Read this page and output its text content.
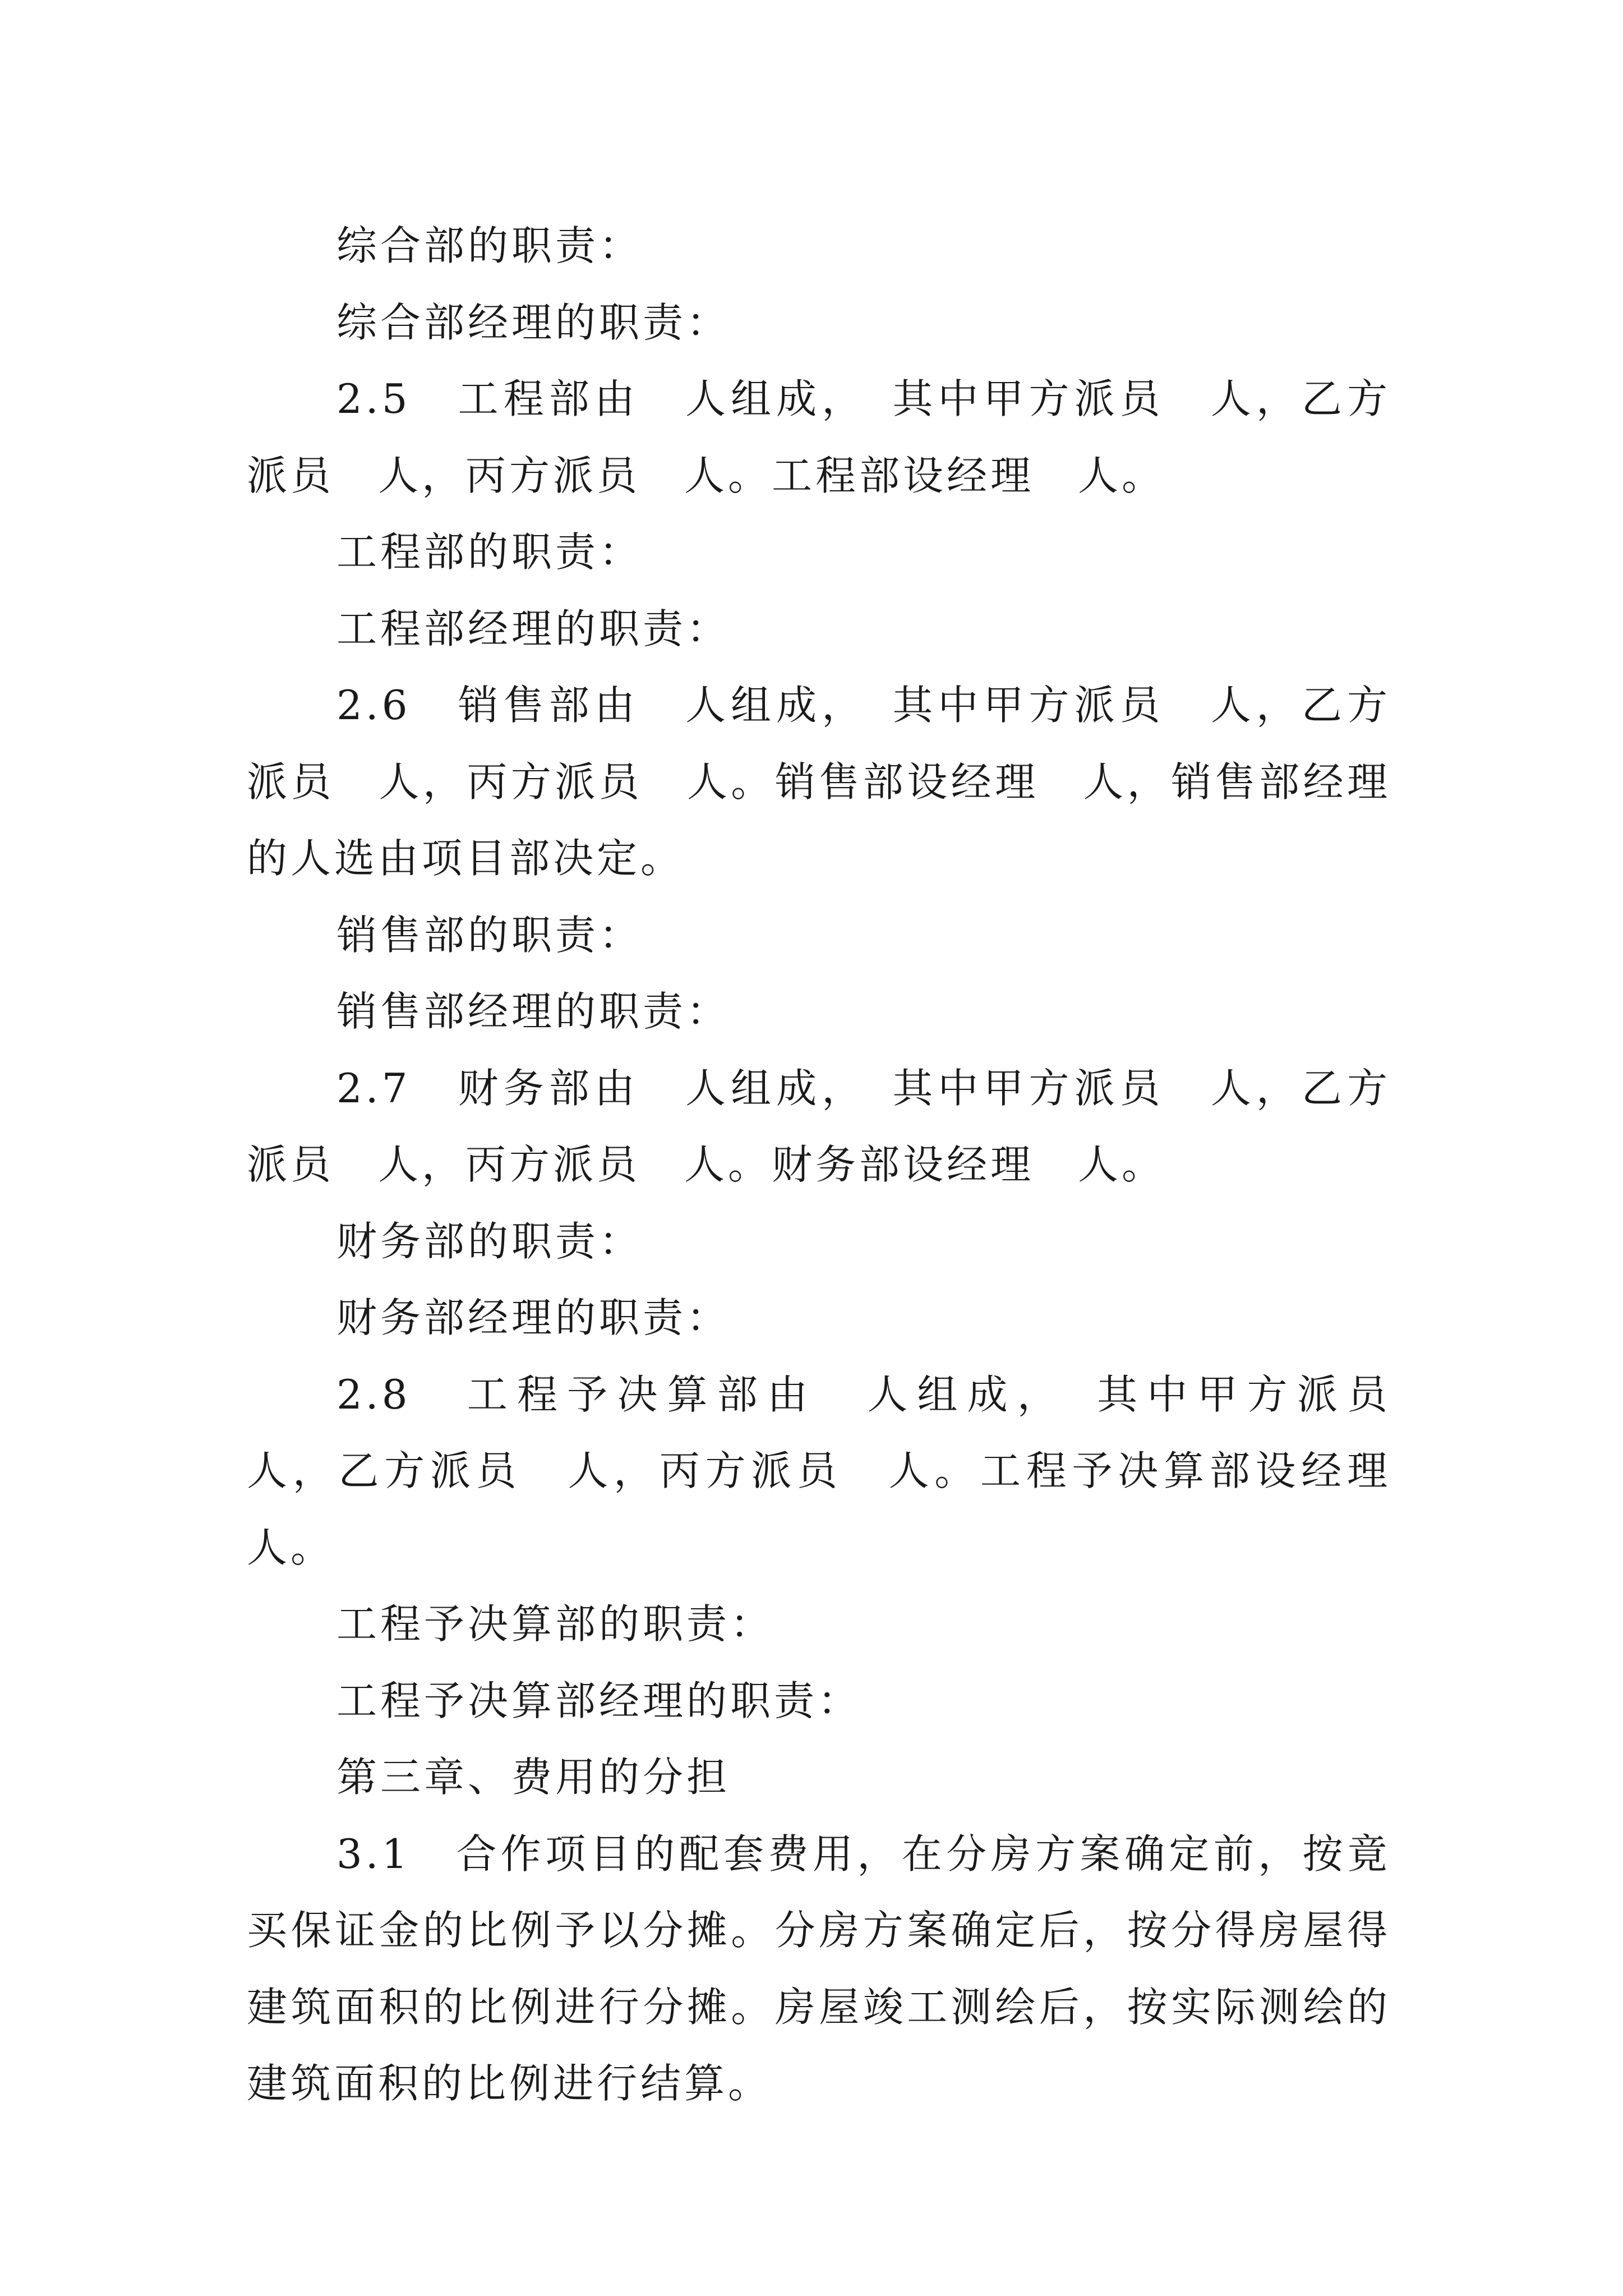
综合部的职责：

综合部经理的职责：

2.5　工程部由　人组成，　其中甲方派员　人，乙方派员　人，丙方派员　人。工程部设经理　人。

工程部的职责：

工程部经理的职责：

2.6　销售部由　人组成，　其中甲方派员　人，乙方派员　人，丙方派员　人。销售部设经理　人，销售部经理的人选由项目部决定。

销售部的职责：

销售部经理的职责：

2.7　财务部由　人组成，　其中甲方派员　人，乙方派员　人，丙方派员　人。财务部设经理　人。

财务部的职责：

财务部经理的职责：

2.8　工程予决算部由　人组成，　其中甲方派员　人，乙方派员　人，丙方派员　人。工程予决算部设经理　人。

工程予决算部的职责：

工程予决算部经理的职责：

第三章、费用的分担

3.1　合作项目的配套费用，在分房方案确定前，按竟买保证金的比例予以分摊。分房方案确定后，按分得房屋得建筑面积的比例进行分摊。房屋竣工测绘后，按实际测绘的建筑面积的比例进行结算。
